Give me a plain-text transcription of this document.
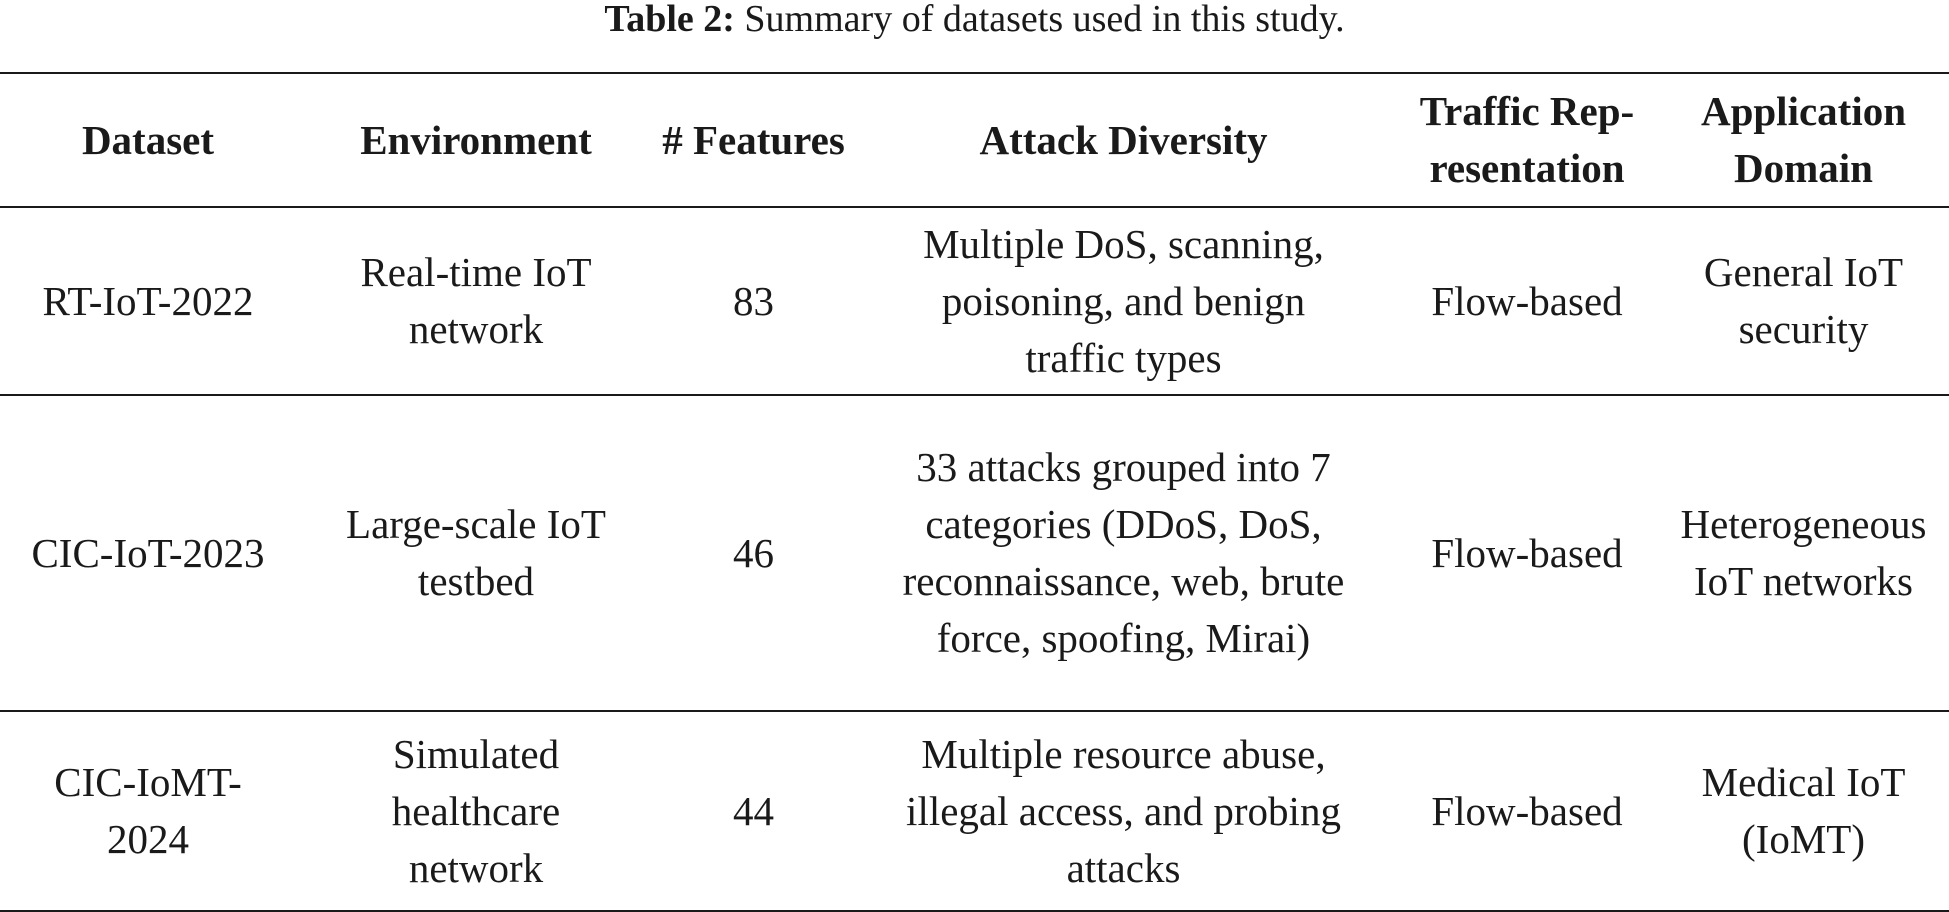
Table 2: Summary of datasets used in this study.
Dataset	Environment	# Features	Attack Diversity	Traffic Rep-resentation	Application Domain
RT-IoT-2022	Real-time IoT network	83	Multiple DoS, scanning, poisoning, and benign traffic types	Flow-based	General IoT security
CIC-IoT-2023	Large-scale IoT testbed	46	33 attacks grouped into 7 categories (DDoS, DoS, reconnaissance, web, brute force, spoofing, Mirai)	Flow-based	Heterogeneous IoT networks
CIC-IoMT-2024	Simulated healthcare network	44	Multiple resource abuse, illegal access, and probing attacks	Flow-based	Medical IoT (IoMT)
